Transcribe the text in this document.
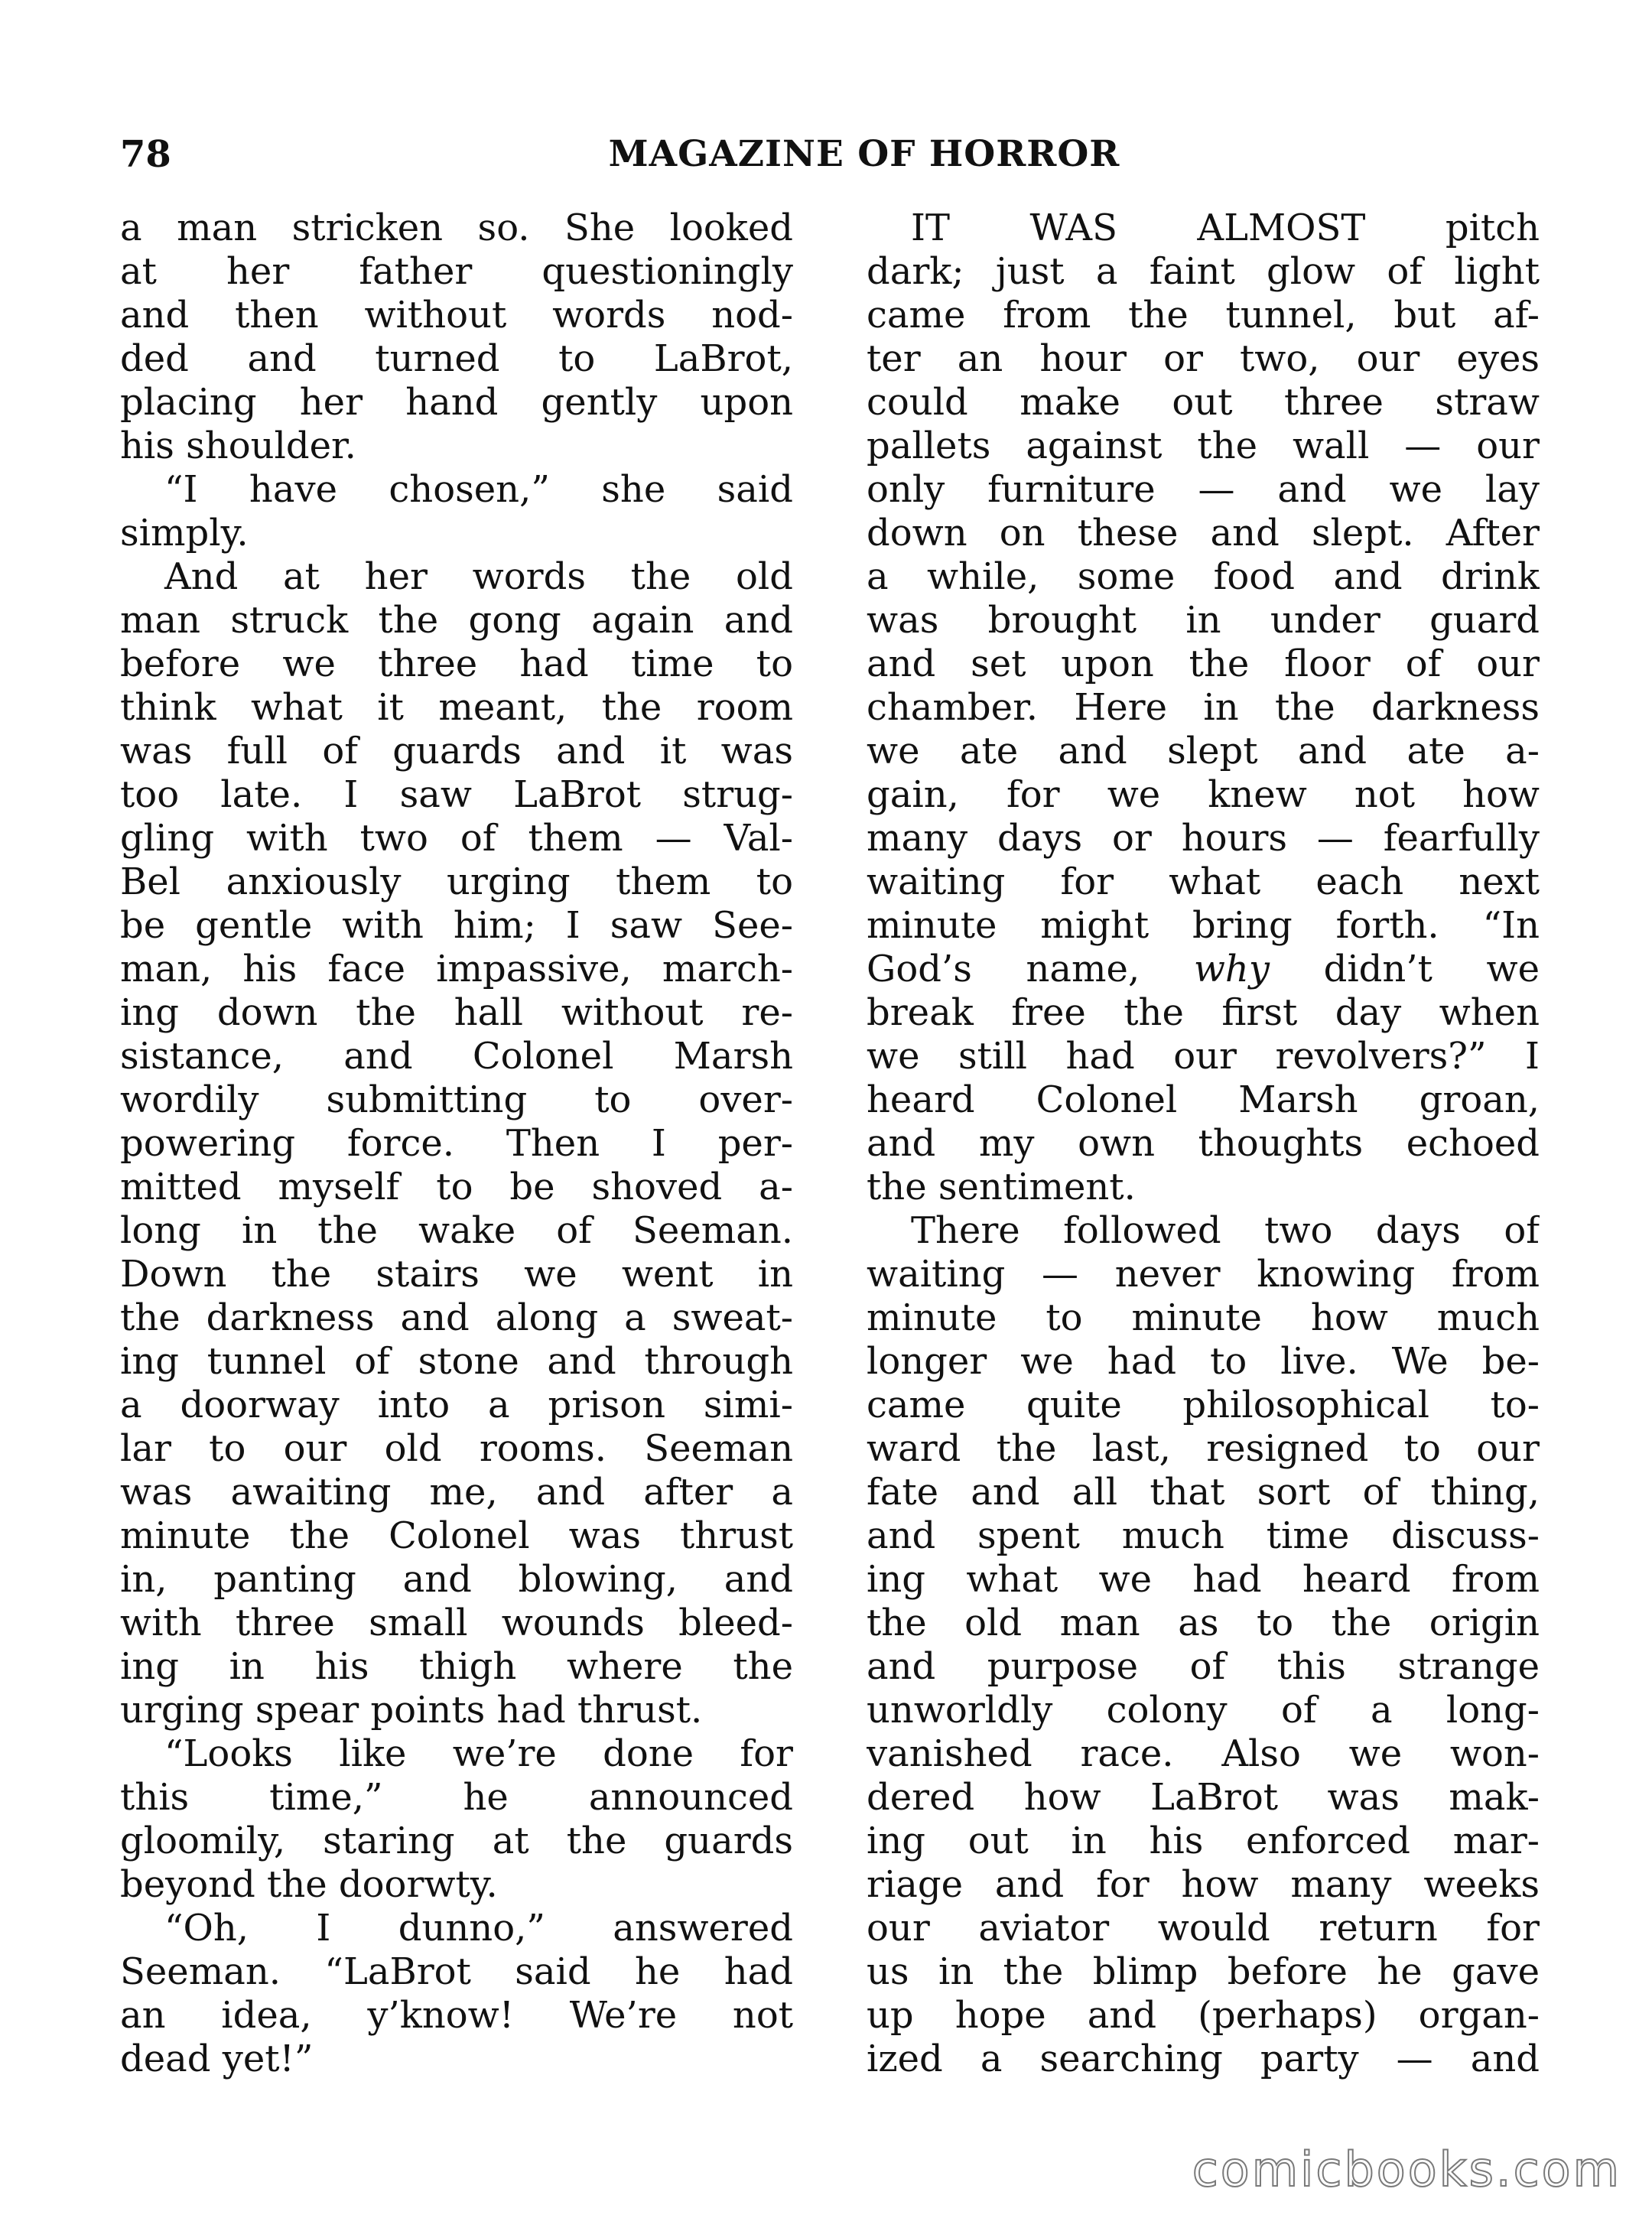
78	MAGAZINE OF HORROR
a man stricken so. She looked
at her father questioningly
and then without words nod-
ded and turned to LaBrot,
placing her hand gently upon
his shoulder.
“I have chosen,” she said
simply.
And at her words the old
man struck the gong again and
before we three had time to
think what it meant, the room
was full of guards and it was
too late. I saw LaBrot strug-
gling with two of them — Val-
Bel anxiously urging them to
be gentle with him; I saw See-
man, his face impassive, march-
ing down the hall without re-
sistance, and Colonel Marsh
wordily submitting to over-
powering force. Then I per-
mitted myself to be shoved a-
long in the wake of Seeman.
Down the stairs we went in
the darkness and along a sweat-
ing tunnel of stone and through
a doorway into a prison simi-
lar to our old rooms. Seeman
was awaiting me, and after a
minute the Colonel was thrust
in, panting and blowing, and
with three small wounds bleed-
ing in his thigh where the
urging spear points had thrust.
“Looks like we’re done for
this time,” he announced
gloomily, staring at the guards
beyond the doorwty.
“Oh, I dunno,” answered
Seeman. “LaBrot said he had
an idea, y’know! We’re not
dead yet!”
IT WAS ALMOST pitch
dark; just a faint glow of light
came from the tunnel, but af-
ter an hour or two, our eyes
could make out three straw
pallets against the wall — our
only furniture — and we lay
down on these and slept. After
a while, some food and drink
was brought in under guard
and set upon the floor of our
chamber. Here in the darkness
we ate and slept and ate a-
gain, for we knew not how
many days or hours — fearfully
waiting for what each next
minute might bring forth. “In
God’s name, why didn’t we
break free the first day when
we still had our revolvers?” I
heard Colonel Marsh groan,
and my own thoughts echoed
the sentiment.
There followed two days of
waiting — never knowing from
minute to minute how much
longer we had to live. We be-
came quite philosophical to-
ward the last, resigned to our
fate and all that sort of thing,
and spent much time discuss-
ing what we had heard from
the old man as to the origin
and purpose of this strange
unworldly colony of a long-
vanished race. Also we won-
dered how LaBrot was mak-
ing out in his enforced mar-
riage and for how many weeks
our aviator would return for
us in the blimp before he gave
up hope and (perhaps) organ-
ized a searching party — and
comicbooks.com
